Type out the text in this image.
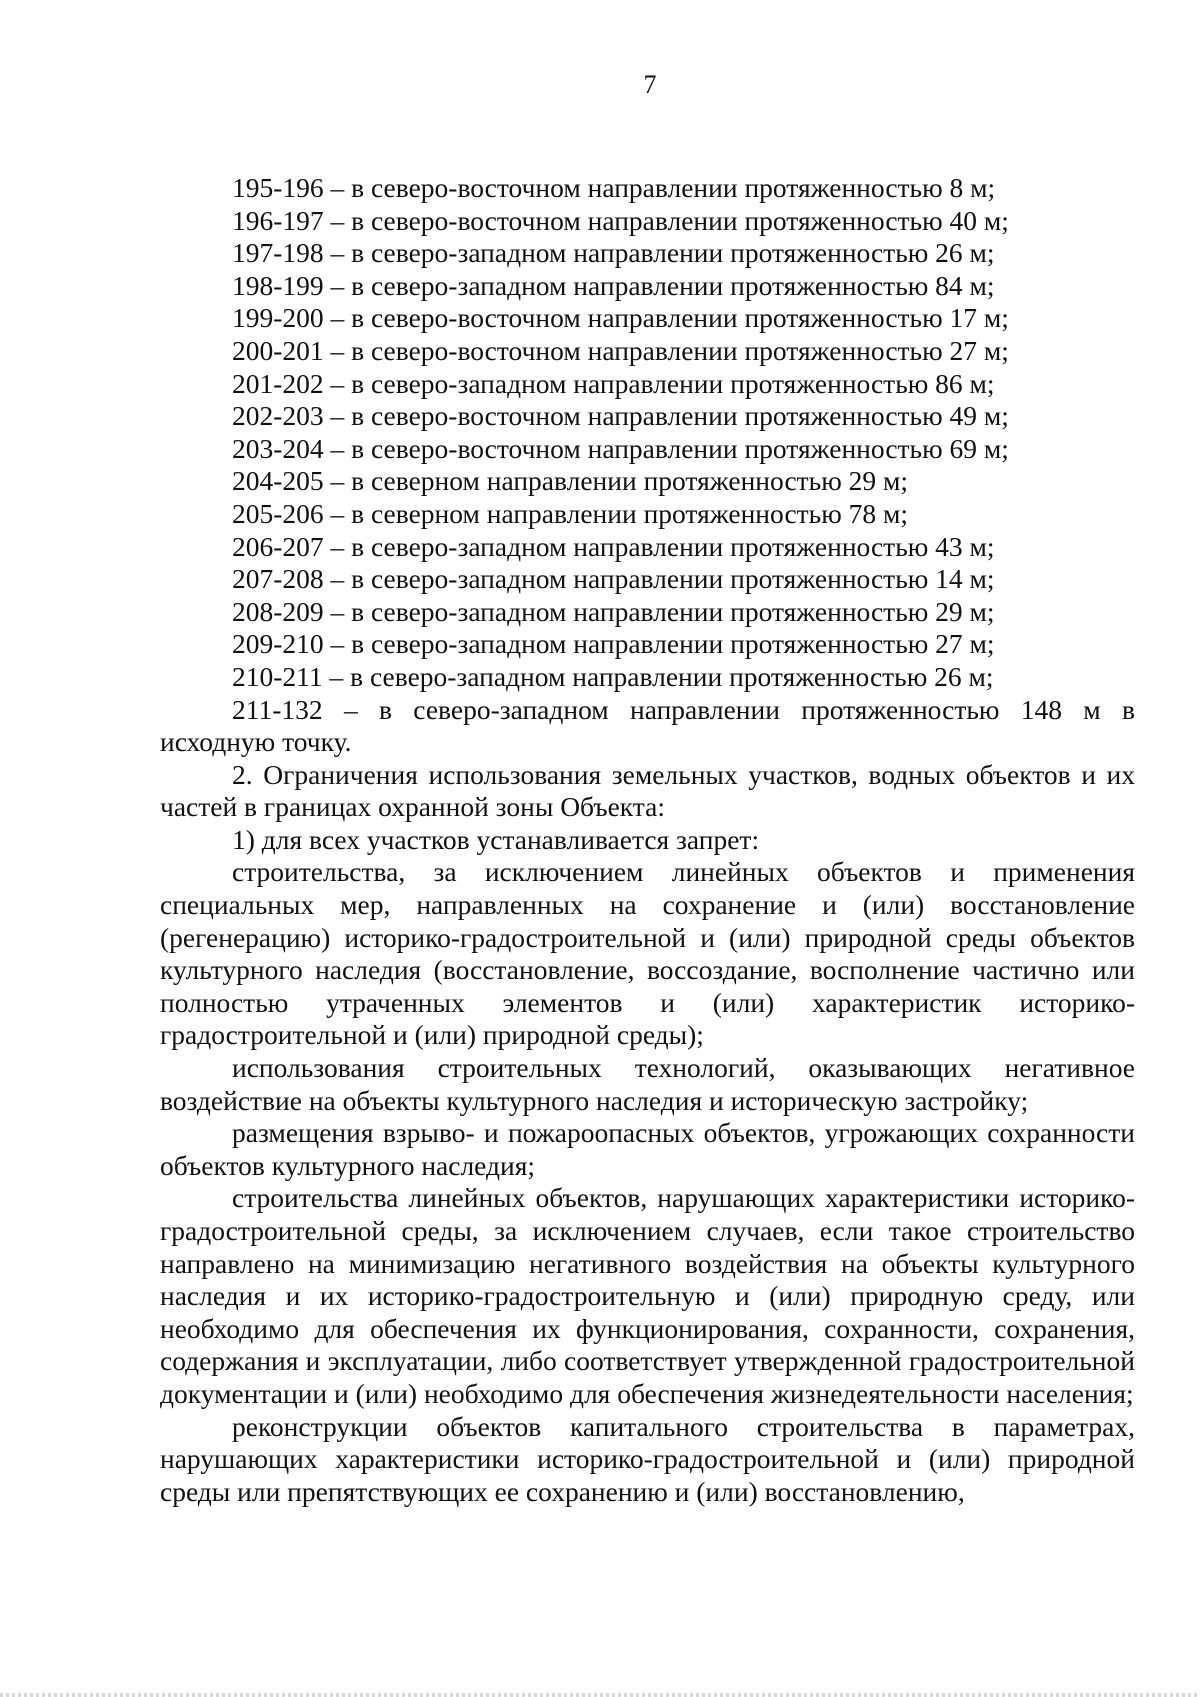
7

195-196 – в северо-восточном направлении протяженностью 8 м;

196-197 – в северо-восточном направлении протяженностью 40 м;

197-198 – в северо-западном направлении протяженностью 26 м;

198-199 – в северо-западном направлении протяженностью 84 м;

199-200 – в северо-восточном направлении протяженностью 17 м;

200-201 – в северо-восточном направлении протяженностью 27 м;

201-202 – в северо-западном направлении протяженностью 86 м;

202-203 – в северо-восточном направлении протяженностью 49 м;

203-204 – в северо-восточном направлении протяженностью 69 м;

204-205 – в северном направлении протяженностью 29 м;

205-206 – в северном направлении протяженностью 78 м;

206-207 – в северо-западном направлении протяженностью 43 м;

207-208 – в северо-западном направлении протяженностью 14 м;

208-209 – в северо-западном направлении протяженностью 29 м;

209-210 – в северо-западном направлении протяженностью 27 м;

210-211 – в северо-западном направлении протяженностью 26 м;

211-132 – в северо-западном направлении протяженностью 148 м в исходную точку.

2. Ограничения использования земельных участков, водных объектов и их частей в границах охранной зоны Объекта:

1) для всех участков устанавливается запрет:

строительства, за исключением линейных объектов и применения специальных мер, направленных на сохранение и (или) восстановление (регенерацию) историко-градостроительной и (или) природной среды объектов культурного наследия (восстановление, воссоздание, восполнение частично или полностью утраченных элементов и (или) характеристик историко-градостроительной и (или) природной среды);

использования строительных технологий, оказывающих негативное воздействие на объекты культурного наследия и историческую застройку;

размещения взрыво- и пожароопасных объектов, угрожающих сохранности объектов культурного наследия;

строительства линейных объектов, нарушающих характеристики историко-градостроительной среды, за исключением случаев, если такое строительство направлено на минимизацию негативного воздействия на объекты культурного наследия и их историко-градостроительную и (или) природную среду, или необходимо для обеспечения их функционирования, сохранности, сохранения, содержания и эксплуатации, либо соответствует утвержденной градостроительной документации и (или) необходимо для обеспечения жизнедеятельности населения;

реконструкции объектов капитального строительства в параметрах, нарушающих характеристики историко-градостроительной и (или) природной среды или препятствующих ее сохранению и (или) восстановлению,
